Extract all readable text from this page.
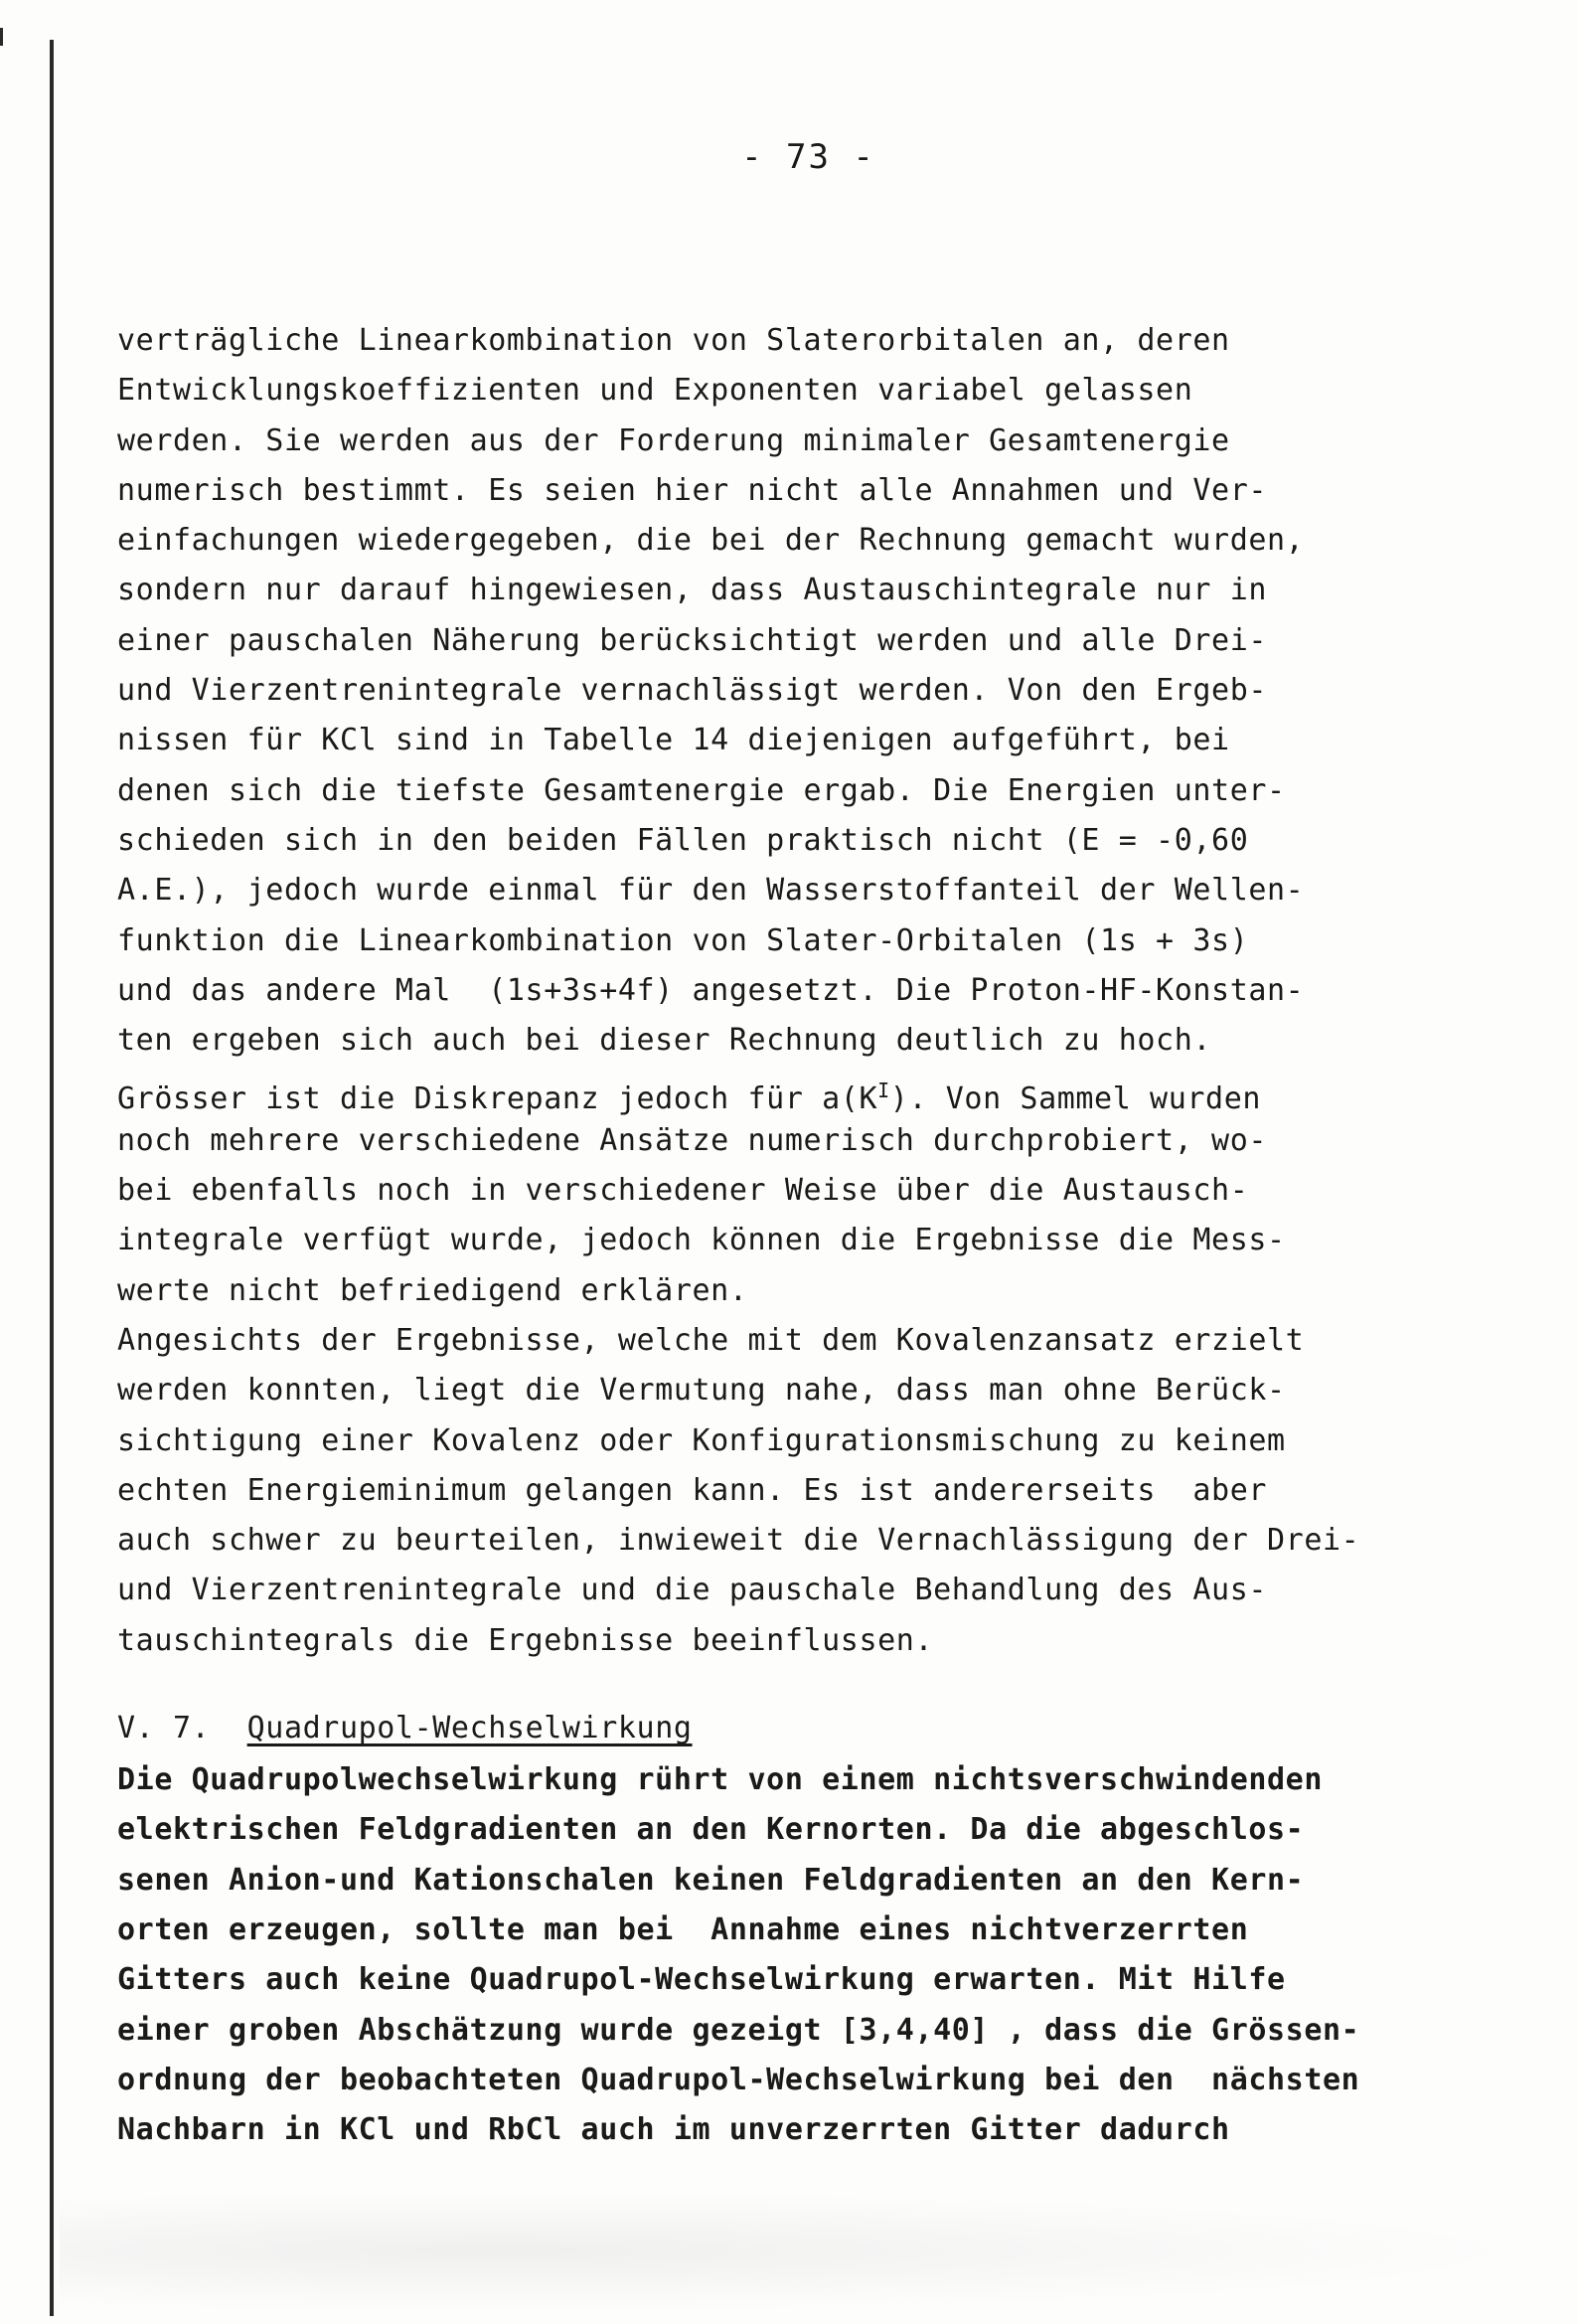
- 73 -
verträgliche Linearkombination von Slaterorbitalen an, deren
Entwicklungskoeffizienten und Exponenten variabel gelassen
werden. Sie werden aus der Forderung minimaler Gesamtenergie
numerisch bestimmt. Es seien hier nicht alle Annahmen und Ver-
einfachungen wiedergegeben, die bei der Rechnung gemacht wurden,
sondern nur darauf hingewiesen, dass Austauschintegrale nur in
einer pauschalen Näherung berücksichtigt werden und alle Drei-
und Vierzentrenintegrale vernachlässigt werden. Von den Ergeb-
nissen für KCl sind in Tabelle 14 diejenigen aufgeführt, bei
denen sich die tiefste Gesamtenergie ergab. Die Energien unter-
schieden sich in den beiden Fällen praktisch nicht (E = -0,60
A.E.), jedoch wurde einmal für den Wasserstoffanteil der Wellen-
funktion die Linearkombination von Slater-Orbitalen (1s + 3s)
und das andere Mal  (1s+3s+4f) angesetzt. Die Proton-HF-Konstan-
ten ergeben sich auch bei dieser Rechnung deutlich zu hoch.
Grösser ist die Diskrepanz jedoch für $a(K^I)$. Von Sammel wurden
noch mehrere verschiedene Ansätze numerisch durchprobiert, wo-
bei ebenfalls noch in verschiedener Weise über die Austausch-
integrale verfügt wurde, jedoch können die Ergebnisse die Mess-
werte nicht befriedigend erklären.
Angesichts der Ergebnisse, welche mit dem Kovalenzansatz erzielt
werden konnten, liegt die Vermutung nahe, dass man ohne Berück-
sichtigung einer Kovalenz oder Konfigurationsmischung zu keinem
echten Energieminimum gelangen kann. Es ist andererseits  aber
auch schwer zu beurteilen, inwieweit die Vernachlässigung der Drei-
und Vierzentrenintegrale und die pauschale Behandlung des Aus-
tauschintegrals die Ergebnisse beeinflussen.
V. 7. Quadrupol-Wechselwirkung
Die Quadrupolwechselwirkung rührt von einem nichtsverschwindenden
elektrischen Feldgradienten an den Kernorten. Da die abgeschlos-
senen Anion-und Kationschalen keinen Feldgradienten an den Kern-
orten erzeugen, sollte man bei  Annahme eines nichtverzerrten
Gitters auch keine Quadrupol-Wechselwirkung erwarten. Mit Hilfe
einer groben Abschätzung wurde gezeigt [3,4,40] , dass die Grössen-
ordnung der beobachteten Quadrupol-Wechselwirkung bei den  nächsten
Nachbarn in KCl und RbCl auch im unverzerrten Gitter dadurch
